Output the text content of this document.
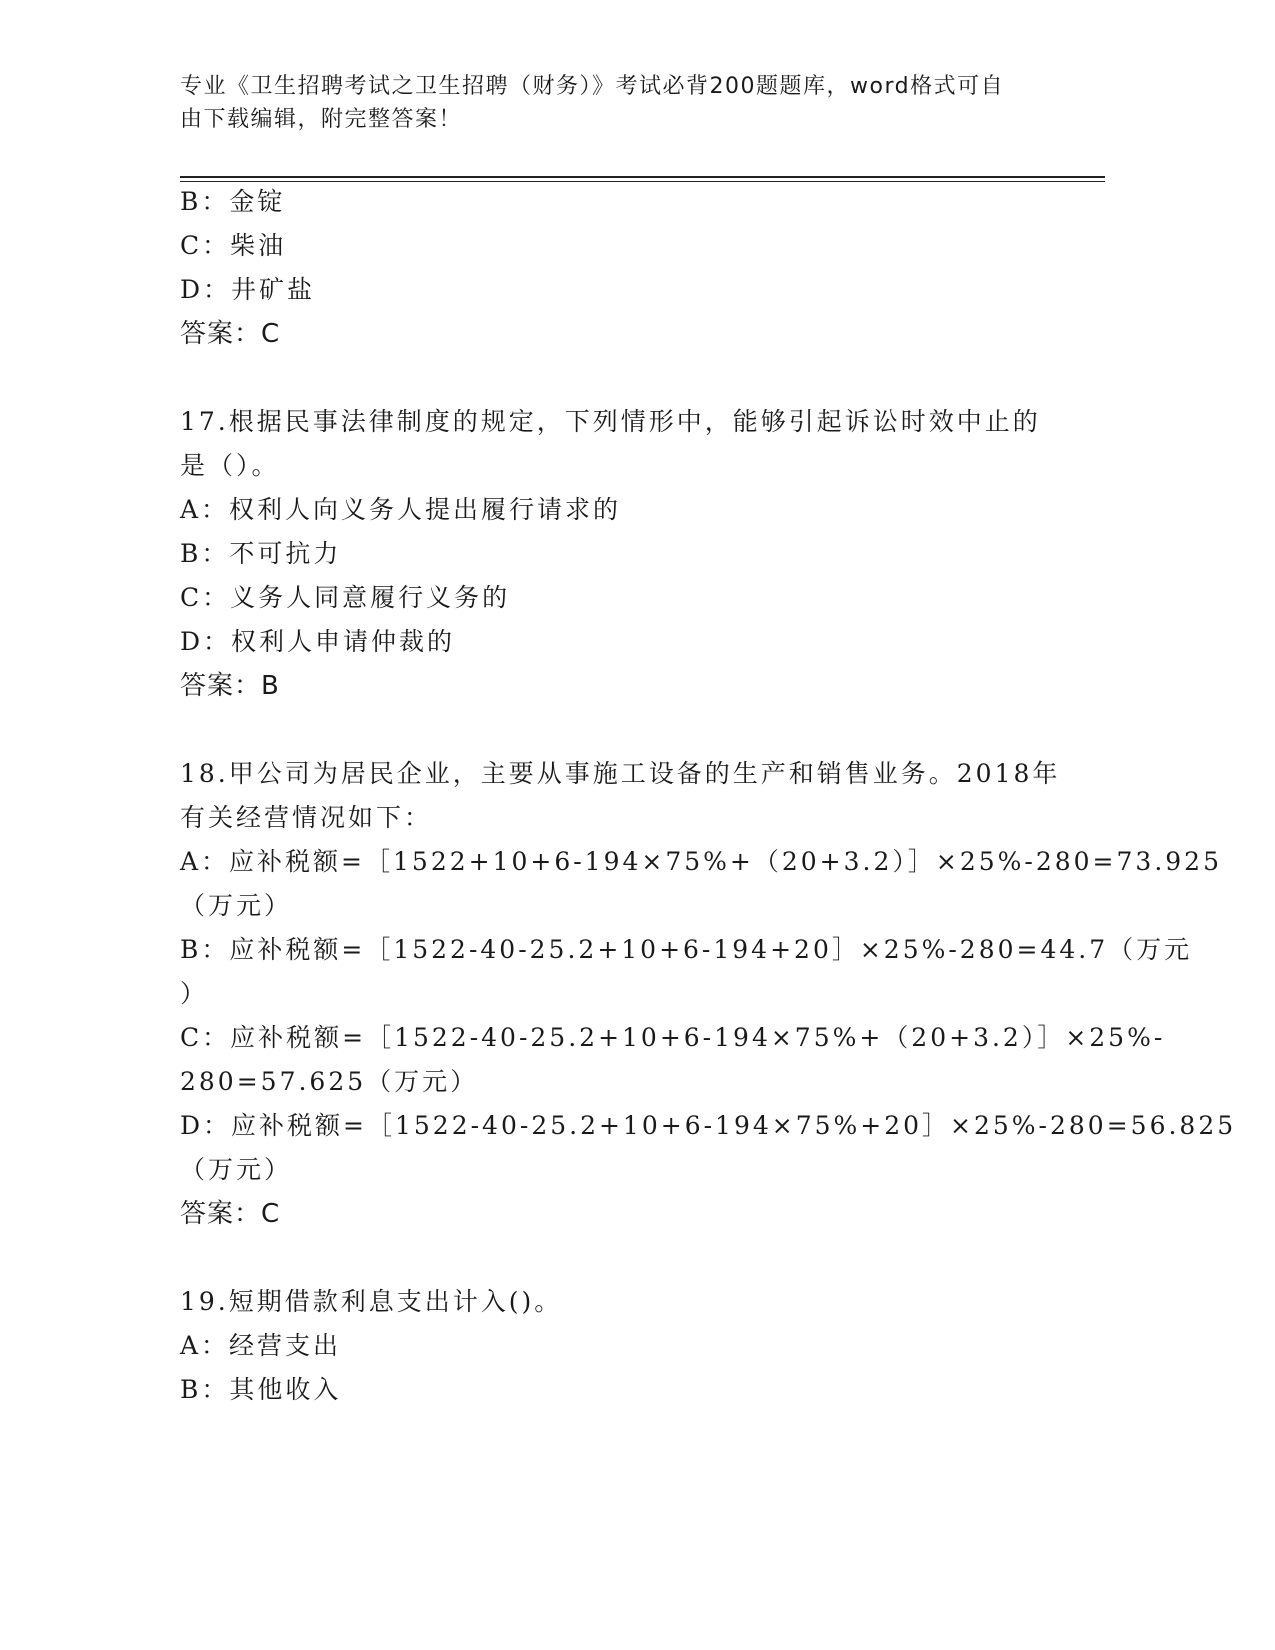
专业《卫生招聘考试之卫生招聘（财务）》考试必背200题题库，word格式可自
由下载编辑，附完整答案！

B：金锭

C：柴油

D：井矿盐

答案：C

17.根据民事法律制度的规定，下列情形中，能够引起诉讼时效中止的

是（）。

A：权利人向义务人提出履行请求的

B：不可抗力

C：义务人同意履行义务的

D：权利人申请仲裁的

答案：B

18.甲公司为居民企业，主要从事施工设备的生产和销售业务。2018年

有关经营情况如下：

A：应补税额=［1522+10+6-194×75%+（20+3.2）］×25%-280=73.925

（万元）

B：应补税额=［1522-40-25.2+10+6-194+20］×25%-280=44.7（万元

）

C：应补税额=［1522-40-25.2+10+6-194×75%+（20+3.2）］×25%-

280=57.625（万元）

D：应补税额=［1522-40-25.2+10+6-194×75%+20］×25%-280=56.825

（万元）

答案：C

19.短期借款利息支出计入()。

A：经营支出

B：其他收入
